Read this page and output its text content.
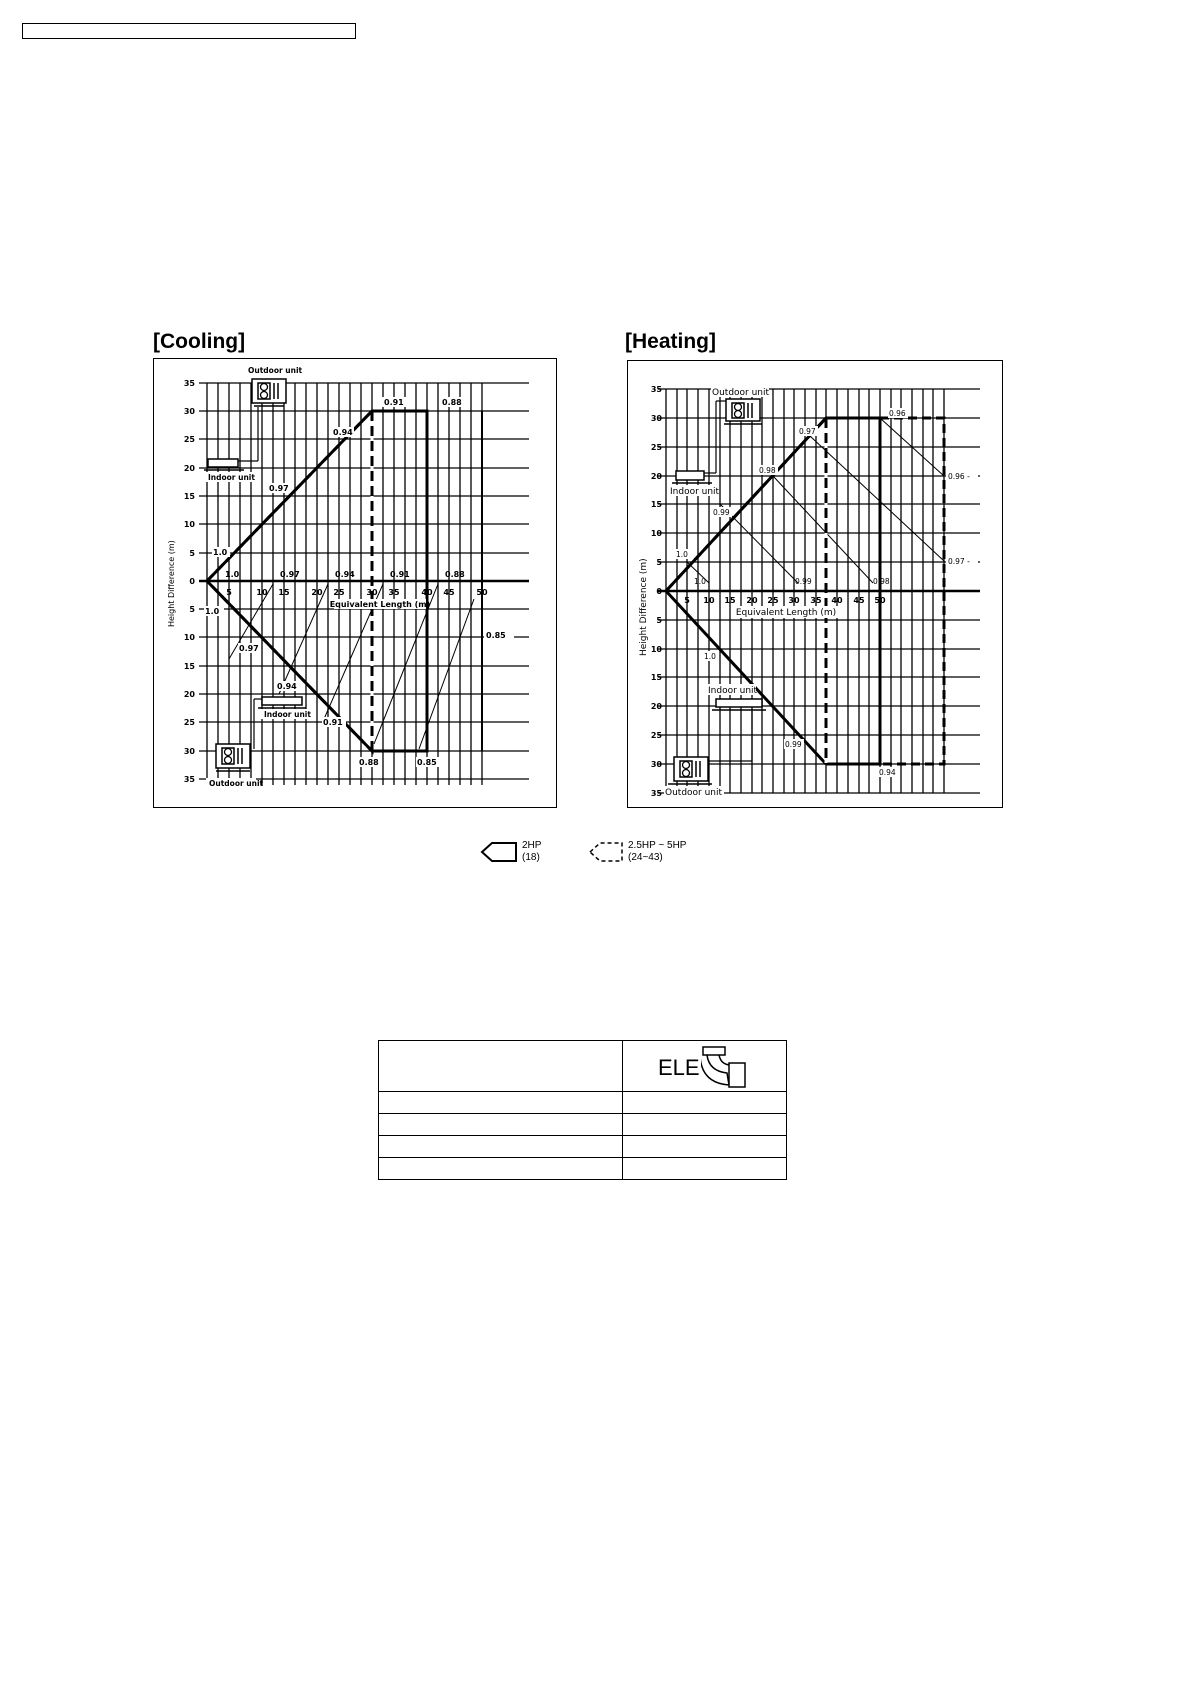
[Cooling]
Height Difference (m)
35
30
25
20
15
10
5
0
5
10
15
20
25
30
35
5	10 15	20 25	30 35	40 45	50
Equivalent Length (m)
1.0
0.97
0.94
0.91	0.88
1.0	0.97	0.94	0.91	0.88
1.0
0.97
0.94
0.91
0.88	0.85
0.85
Outdoor unit
Indoor unit
Indoor unit
Outdoor unit
[Heating]
Height Difference (m)
35
30
25
20
15
10
5
0
5
10
15
20
25
30
35
5 10 15 20 25 30 35 40 45 50
Equivalent Length (m)
1.0
0.99
0.98
0.97
0.96
1.0	0.99	0.98
0.96 -
0.97 -
1.0
0.99
0.94
Outdoor unit
Indoor unit
Indoor unit
Outdoor unit
2HP
(18)
2.5HP ~ 5HP
(24~43)

	ELE
